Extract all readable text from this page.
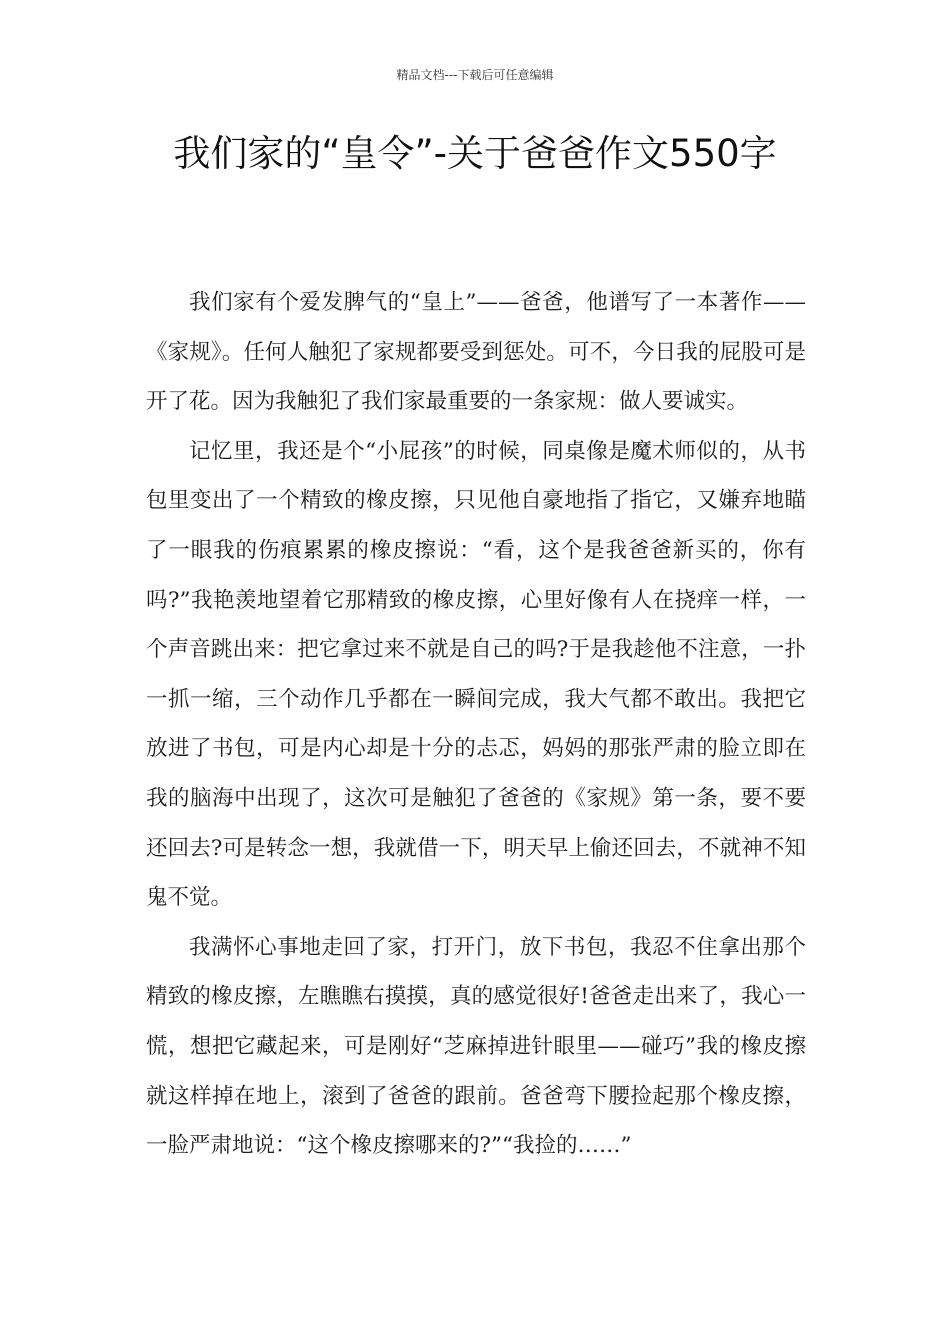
精品文档---下载后可任意编辑
我们家的“皇令”-关于爸爸作文550字

我们家有个爱发脾气的“皇上”——爸爸，他谱写了一本著作——《家规》。任何人触犯了家规都要受到惩处。可不，今日我的屁股可是开了花。因为我触犯了我们家最重要的一条家规：做人要诚实。

记忆里，我还是个“小屁孩”的时候，同桌像是魔术师似的，从书包里变出了一个精致的橡皮擦，只见他自豪地指了指它，又嫌弃地瞄了一眼我的伤痕累累的橡皮擦说：“看，这个是我爸爸新买的，你有吗?”我艳羡地望着它那精致的橡皮擦，心里好像有人在挠痒一样，一个声音跳出来：把它拿过来不就是自己的吗?于是我趁他不注意，一扑一抓一缩，三个动作几乎都在一瞬间完成，我大气都不敢出。我把它放进了书包，可是内心却是十分的忐忑，妈妈的那张严肃的脸立即在我的脑海中出现了，这次可是触犯了爸爸的《家规》第一条，要不要还回去?可是转念一想，我就借一下，明天早上偷还回去，不就神不知鬼不觉。

我满怀心事地走回了家，打开门，放下书包，我忍不住拿出那个精致的橡皮擦，左瞧瞧右摸摸，真的感觉很好!爸爸走出来了，我心一慌，想把它藏起来，可是刚好“芝麻掉进针眼里——碰巧”我的橡皮擦就这样掉在地上，滚到了爸爸的跟前。爸爸弯下腰捡起那个橡皮擦，一脸严肃地说：“这个橡皮擦哪来的?”“我捡的……”
